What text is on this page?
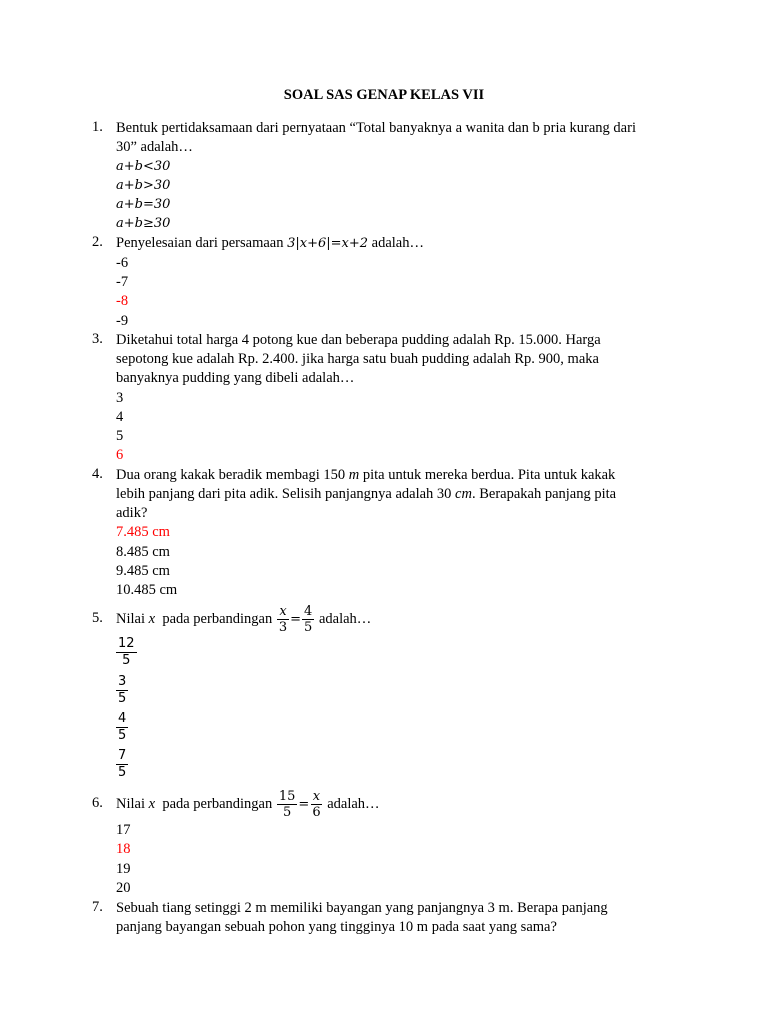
SOAL SAS GENAP KELAS VII
1. Bentuk pertidaksamaan dari pernyataan “Total banyaknya a wanita dan b pria kurang dari
30” adalah…
a+b<30
a+b>30
a+b=30
a+b≥30
2. Penyelesaian dari persamaan 3|x+6|=x+2 adalah…
-6
-7
-8
-9
3. Diketahui total harga 4 potong kue dan beberapa pudding adalah Rp. 15.000. Harga
sepotong kue adalah Rp. 2.400. jika harga satu buah pudding adalah Rp. 900, maka
banyaknya pudding yang dibeli adalah…
3
4
5
6
4. Dua orang kakak beradik membagi 150 m pita untuk mereka berdua. Pita untuk kakak
lebih panjang dari pita adik. Selisih panjangnya adalah 30 cm. Berapakah panjang pita
adik?
7.485 cm
8.485 cm
9.485 cm
10.485 cm
5. Nilai x  pada perbandingan $\frac{x}{3} = \frac{4}{5}$ adalah…
12
5
3
5
4
5
7
5
6. Nilai x  pada perbandingan $\frac{15}{5} = \frac{x}{6}$ adalah…
17
18
19
20
7. Sebuah tiang setinggi 2 m memiliki bayangan yang panjangnya 3 m. Berapa panjang
panjang bayangan sebuah pohon yang tingginya 10 m pada saat yang sama?
